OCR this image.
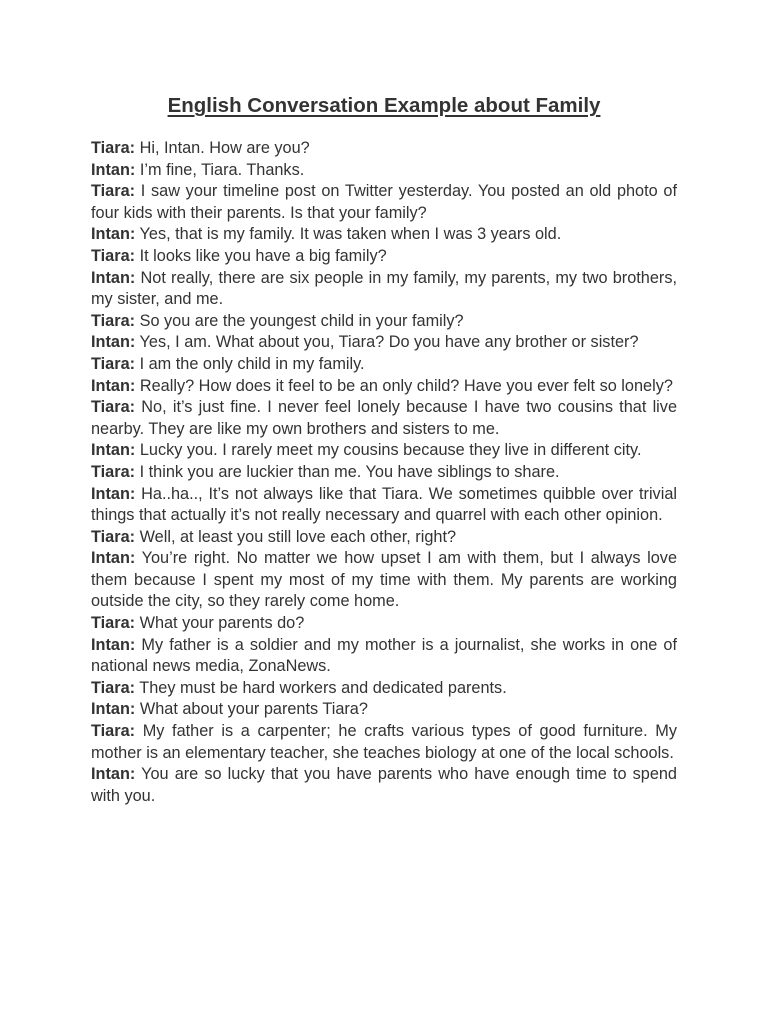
English Conversation Example about Family

Tiara: Hi, Intan. How are you?

Intan: I’m fine, Tiara. Thanks.

Tiara: I saw your timeline post on Twitter yesterday. You posted an old photo of four kids with their parents. Is that your family?

Intan: Yes, that is my family. It was taken when I was 3 years old.

Tiara: It looks like you have a big family?

Intan: Not really, there are six people in my family, my parents, my two brothers, my sister, and me.

Tiara: So you are the youngest child in your family?

Intan: Yes, I am. What about you, Tiara? Do you have any brother or sister?

Tiara: I am the only child in my family.

Intan: Really? How does it feel to be an only child? Have you ever felt so lonely?

Tiara: No, it’s just fine. I never feel lonely because I have two cousins that live nearby. They are like my own brothers and sisters to me.

Intan: Lucky you. I rarely meet my cousins because they live in different city.

Tiara: I think you are luckier than me. You have siblings to share.

Intan: Ha..ha.., It’s not always like that Tiara. We sometimes quibble over trivial things that actually it’s not really necessary and quarrel with each other opinion.

Tiara: Well, at least you still love each other, right?

Intan: You’re right. No matter we how upset I am with them, but I always love them because I spent my most of my time with them. My parents are working outside the city, so they rarely come home.

Tiara: What your parents do?

Intan: My father is a soldier and my mother is a journalist, she works in one of national news media, ZonaNews.

Tiara: They must be hard workers and dedicated parents.

Intan: What about your parents Tiara?

Tiara: My father is a carpenter; he crafts various types of good furniture. My mother is an elementary teacher, she teaches biology at one of the local schools.

Intan: You are so lucky that you have parents who have enough time to spend with you.
